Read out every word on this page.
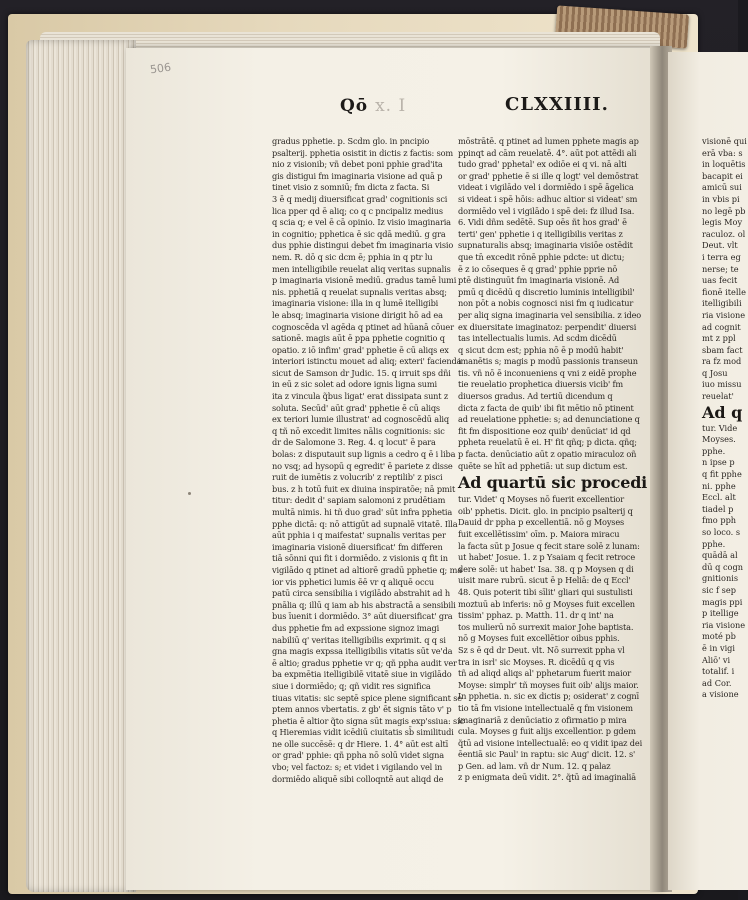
506
Qō x. I	CLXXIIII.
gradus pphetie. p. Scdm glo. in pncipio
psalterij. pphetia osistit in dictis z factis: som
nio z visionib; vñ debet poni pphie grad'ita
gis distigui fm imaginaria visione ad quā p
tinet visio z somniū; fm dicta z facta. Si
3 ē q medij diuersificat grad' cognitionis sci
lica pper qd ē aliq; co q c pncipaliz medius
q scia q; e vel ē cā opinio. Iz visio imaginaria
in cognitio; pphetica ē sic qdā mediū. g gra
dus pphie distingui debet fm imaginaria visio
nem. R. dō q sic dcm ē; pphia in q ptr lu
men intelligibile reuelat aliq veritas supnalis
p imaginaria visionē mediū. gradus tamē lumi
nis. pphetiā q reuelat supnalis veritas absq;
imaginaria visione: illa in q lumē itelligibi
le absq; imaginaria visione dirigit hō ad ea
cognoscēda vl agēda q ptinet ad hūanā cōuer
sationē. magis aūt ē ppa pphetie cognitio q
opatio. z iō infim' grad' pphetie ē cū aliqs ex
interiori istinctu mouet ad aliq; exteri' facienda
sicut de Samson dr Judic. 15. q irruit sps dñi
in eū z sic solet ad odore ignis ligna sumi
ita z vincula q̃bus ligat' erat dissipata sunt z
soluta. Secūd' aūt grad' pphetie ē cū aliqs
ex teriori lumie illustrat' ad cognoscēdū aliq
q tñ nō excedit limites nālis cognitionis: sic
dr de Salomone 3. Reg. 4. q locut' ē para
bolas: z disputauit sup lignis a cedro q ē i liba
no vsq; ad hysopū q egredit' ē pariete z disse
ruit de iumētis z volucrib' z reptilib' z pisci
bus. z h totū fuit ex diuina inspiratōe; nā pmit
titur: dedit d' sapiam salomoni z prudētiam
multā nimis. hi tñ duo grad' sūt infra pphetia
pphe dictā: q: nō attigūt ad supnalē vitatē. Illa
aūt pphia i q maifestat' supnalis veritas per
imaginaria visionē diuersificat' fm differen
tiā sōnni qui fit i dormiēdo. z visionis q fit in
vigilādo q ptinet ad altiorē gradū pphetie q; ma
ior vis pphetici lumis ēē vr q aliquē occu
patū circa sensibilia i vigilādo abstrahit ad h
pnālia q; illū q iam ab his abstractā a sensibili
bus īuenit i dormiēdo. 3° aūt diuersificat' gra
dus pphetie fm ad expssione signoz imagi
nabiliū q' veritas itelligibilis exprimit. q q si
gna magis expssa itelligibilis vitatis sūt ve'da
ē altio; gradus pphetie vr q; qñ ppha audit ver
ba expmētia itelligibilē vitatē siue in vigilādo
siue i dormiēdo; q; qñ vidit res significa
tiuas vitatis: sic septē spice plene significant se
ptem annos vbertatis. z gb' ēt signis tāto v' p
phetia ē altior q̃to signa sūt magis exp'ssiua: sic
q Hieremias vidit icēdiū ciuitatis sb̄ similitudi
ne olle succēsē: q dr Hiere. 1. 4° aūt est altī
or grad' pphie: qñ ppha nō solū videt signa
vbo; vel factoz: s; et videt i vigilando vel in
dormiēdo aliquē sibi colloqntē aut aliqd de
mōstrātē. q ptinet ad lumen pphete magis ap
ppinqt ad cām reuelatē. 4°. aūt pot attēdi ali
tudo grad' pphetal' ex odiōe ei q vi. nā alti
or grad' pphetie ē si ille q logt' vel demōstrat
videat i vigilādo vel i dormiēdo i spē āgelica
si videat i spē hōis: adhuc altior si videat' sm
dormiēdo vel i vigilādo i spē dei: fz illud Isa.
6. Vidi dñm sedētē. Sup oēs ñt hos grad' ē
terti' gen' pphetie i q itelligibilis veritas z
supnaturalis absq; imaginaria visiōe ostēdit
que tn̄ excedit rōnē pphie pdcte: ut dictu;
ē z io cōseques ē q grad' pphie pprie nō
ptē distinguūt fm imaginaria visionē. Ad
pmū q dicēdū q discretio luminis intelligibil'
non pōt a nobis cognosci nisi fm q iudicatur
per aliq signa imaginaria vel sensibilia. z ideo
ex diuersitate imaginatoz: perpendit' diuersi
tas intellectualis lumis. Ad scdm dicēdū
q sicut dcm est; pphia nō ē p modū habit'
imanētis s; magis p modū passionis transeun
tis. vñ nō ē inconueniens q vni z eidē prophe
tie reuelatio prophetica diuersis vicib' fm
diuersos gradus. Ad tertiū dicendum q
dicta z facta de quib' ibi fit mētio nō ptinent
ad reuelatione pphetie: s; ad denunciatione q
fit fm dispositione eoz quib' denūciat' id qd
ppheta reuelatū ē ei. H' fit qñq; p dicta. qñq;
p facta. denūciatio aūt z opatio miraculoz oñ
quēte se hīt ad pphetiā: ut sup dictum est.
Ad quartū sic procedi
tur. Videt' q Moyses nō fuerit excellentior
oib' pphetis. Dicit. glo. in pncipio psalterij q
Dauid dr ppha p excellentiā. nō g Moyses
fuit excellētissim' oīm. p. Maiora miracu
la facta sūt p Josue q fecit stare solē z lunam:
ut habet' Josue. 1. z p Ysaiam q fecit retroce
dere solē: ut habet' Isa. 38. q p Moysen q di
uisit mare rubrū. sicut ē p Heliā: de q Eccl'
48. Quis poterit tibi sīlit' gliari qui sustulisti
moztuū ab inferis: nō g Moyses fuit excellen
tissim' pphaz. p. Matth. 11. dr q int' na
tos mulierū nō surrexit maior Johe baptista.
nō g Moyses fuit excellētior oibus pphis.
Sz s ē qd dr Deut. vlt. Nō surrexit ppha vl
tra in isrl' sic Moyses. R. dicēdū q q vis
tñ ad aliqd aliqs al' pphetarum fuerit maior
Moyse: simplr' tñ moyses fuit oib' alijs maior.
In pphetia. n. sic ex dictis p; osiderat' z cognī
tio tā fm visione intellectualē q fm visionem
imaginariā z denūciatio z ofirmatio p mira
cula. Moyses g fuit alijs excellentior. p gdem
q̃tū ad visione intellectualē: eo q vidit ipaz dei
ēentiā sic Paul' in raptu: sic Aug' dicit. 12. s'
p Gen. ad lam. vñ dr Num. 12. q palaz
z p enigmata deū vidit. 2°. q̃tū ad imaginaliā
visionē qui
erā vba: s
in loquētis
bacapit ei
amicū sui
in vbis pi
no legē pb
legis Moy
raculoz. ol
Deut. vlt
i terra eg
nerse; te
uas fecit
fionē itelle
itelligibili
ria visione
ad cognit
mt z ppl
sbam fact
ra fz mod
q Josu
iuo missu
reuelat'
Ad q
tur. Vide
Moyses.
pphe.
n ipse p
q fit pphe
ni. pphe
Eccl. alt
tiadel p
fmo pph
so loco. s
pphe.
quādā al
dū q cogn
gnitionis
sic f sep
magis ppi
p itellige
ria visione
moté pb
ē in vigi
Aliō' vi
totalif. i
ad Cor.
a visione
